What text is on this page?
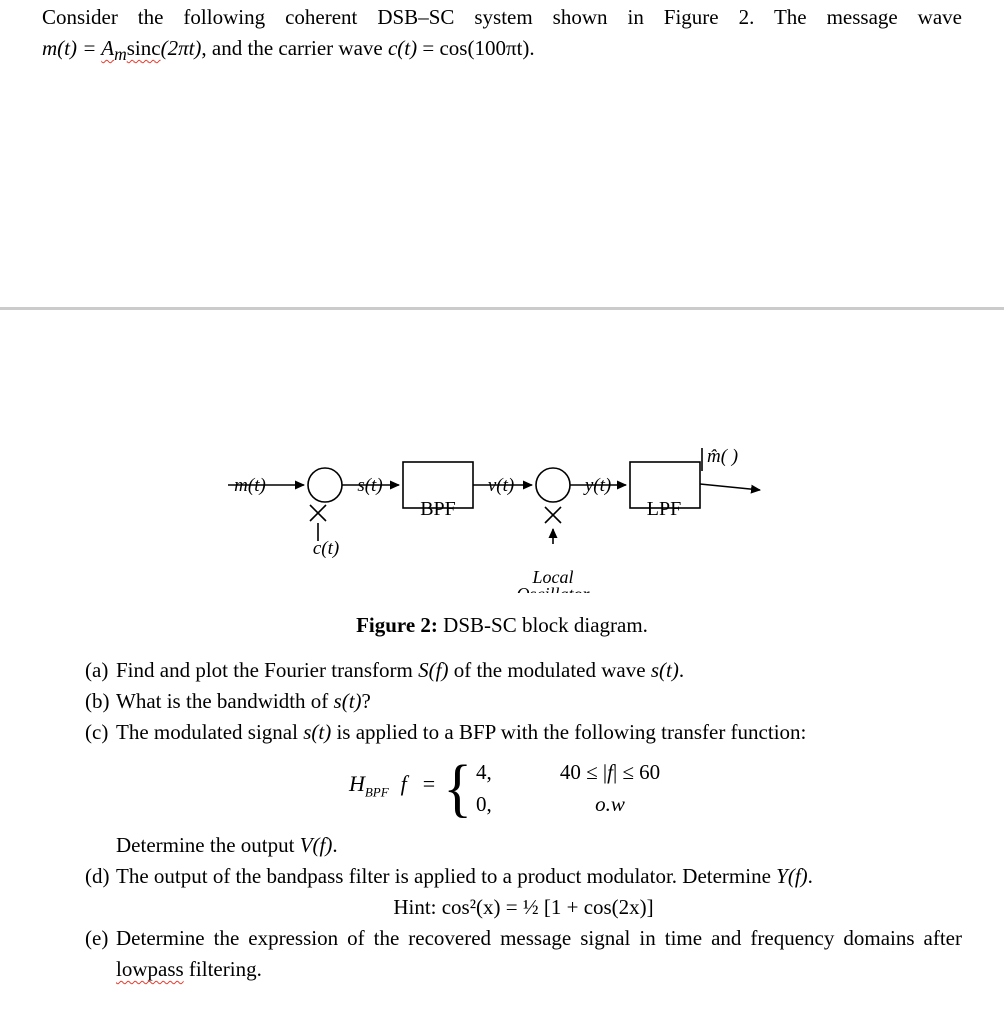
Consider the following coherent DSB–SC system shown in Figure 2. The message wave
$m(t) = A_m\sin c(2\pi t)$, and the carrier wave c(t) = cos(100πt).
m(t)	s(t)
BPF
v(t)	y(t)
LPF
m̂( )
c(t)
Local
Figure 2: DSB-SC block diagram.
(a) Find and plot the Fourier transform S(f) of the modulated wave s(t).
(b) What is the bandwidth of s(t)?
(c) The modulated signal s(t) is applied to a BFP with the following transfer function:
$H_{BPF}$ f = { 4,	40 ≤ |f| ≤ 60
0,	o.w
Determine the output V(f).
(d) The output of the bandpass filter is applied to a product modulator. Determine Y(f).
Hint: cos²(x) = ½ [1 + cos(2x)]
(e) Determine the expression of the recovered message signal in time and frequency domains after lowpass filtering.
